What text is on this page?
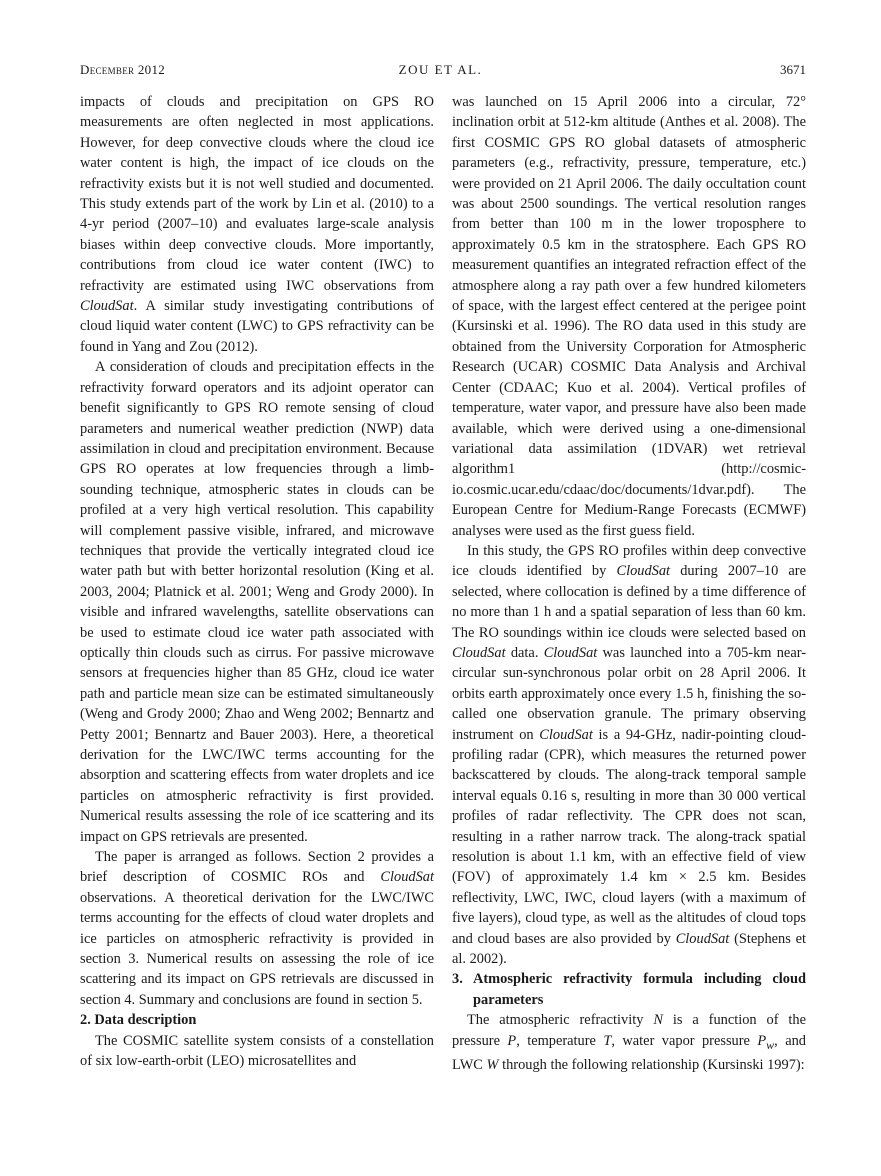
December 2012	ZOU ET AL.	3671

impacts of clouds and precipitation on GPS RO measurements are often neglected in most applications. However, for deep convective clouds where the cloud ice water content is high, the impact of ice clouds on the refractivity exists but it is not well studied and documented. This study extends part of the work by Lin et al. (2010) to a 4-yr period (2007–10) and evaluates large-scale analysis biases within deep convective clouds. More importantly, contributions from cloud ice water content (IWC) to refractivity are estimated using IWC observations from CloudSat. A similar study investigating contributions of cloud liquid water content (LWC) to GPS refractivity can be found in Yang and Zou (2012).

A consideration of clouds and precipitation effects in the refractivity forward operators and its adjoint operator can benefit significantly to GPS RO remote sensing of cloud parameters and numerical weather prediction (NWP) data assimilation in cloud and precipitation environment. Because GPS RO operates at low frequencies through a limb-sounding technique, atmospheric states in clouds can be profiled at a very high vertical resolution. This capability will complement passive visible, infrared, and microwave techniques that provide the vertically integrated cloud ice water path but with better horizontal resolution (King et al. 2003, 2004; Platnick et al. 2001; Weng and Grody 2000). In visible and infrared wavelengths, satellite observations can be used to estimate cloud ice water path associated with optically thin clouds such as cirrus. For passive microwave sensors at frequencies higher than 85 GHz, cloud ice water path and particle mean size can be estimated simultaneously (Weng and Grody 2000; Zhao and Weng 2002; Bennartz and Petty 2001; Bennartz and Bauer 2003). Here, a theoretical derivation for the LWC/IWC terms accounting for the absorption and scattering effects from water droplets and ice particles on atmospheric refractivity is first provided. Numerical results assessing the role of ice scattering and its impact on GPS retrievals are presented.

The paper is arranged as follows. Section 2 provides a brief description of COSMIC ROs and CloudSat observations. A theoretical derivation for the LWC/IWC terms accounting for the effects of cloud water droplets and ice particles on atmospheric refractivity is provided in section 3. Numerical results on assessing the role of ice scattering and its impact on GPS retrievals are discussed in section 4. Summary and conclusions are found in section 5.

2. Data description

The COSMIC satellite system consists of a constellation of six low-earth-orbit (LEO) microsatellites and

was launched on 15 April 2006 into a circular, 72° inclination orbit at 512-km altitude (Anthes et al. 2008). The first COSMIC GPS RO global datasets of atmospheric parameters (e.g., refractivity, pressure, temperature, etc.) were provided on 21 April 2006. The daily occultation count was about 2500 soundings. The vertical resolution ranges from better than 100 m in the lower troposphere to approximately 0.5 km in the stratosphere. Each GPS RO measurement quantifies an integrated refraction effect of the atmosphere along a ray path over a few hundred kilometers of space, with the largest effect centered at the perigee point (Kursinski et al. 1996). The RO data used in this study are obtained from the University Corporation for Atmospheric Research (UCAR) COSMIC Data Analysis and Archival Center (CDAAC; Kuo et al. 2004). Vertical profiles of temperature, water vapor, and pressure have also been made available, which were derived using a one-dimensional variational data assimilation (1DVAR) wet retrieval algorithm1 (http://cosmic-io.cosmic.ucar.edu/cdaac/doc/documents/1dvar.pdf). The European Centre for Medium-Range Forecasts (ECMWF) analyses were used as the first guess field.

In this study, the GPS RO profiles within deep convective ice clouds identified by CloudSat during 2007–10 are selected, where collocation is defined by a time difference of no more than 1 h and a spatial separation of less than 60 km. The RO soundings within ice clouds were selected based on CloudSat data. CloudSat was launched into a 705-km near-circular sun-synchronous polar orbit on 28 April 2006. It orbits earth approximately once every 1.5 h, finishing the so-called one observation granule. The primary observing instrument on CloudSat is a 94-GHz, nadir-pointing cloud-profiling radar (CPR), which measures the returned power backscattered by clouds. The along-track temporal sample interval equals 0.16 s, resulting in more than 30 000 vertical profiles of radar reflectivity. The CPR does not scan, resulting in a rather narrow track. The along-track spatial resolution is about 1.1 km, with an effective field of view (FOV) of approximately 1.4 km × 2.5 km. Besides reflectivity, LWC, IWC, cloud layers (with a maximum of five layers), cloud type, as well as the altitudes of cloud tops and cloud bases are also provided by CloudSat (Stephens et al. 2002).

3. Atmospheric refractivity formula including cloud parameters

The atmospheric refractivity N is a function of the pressure P, temperature T, water vapor pressure $P_w$, and LWC W through the following relationship (Kursinski 1997):
